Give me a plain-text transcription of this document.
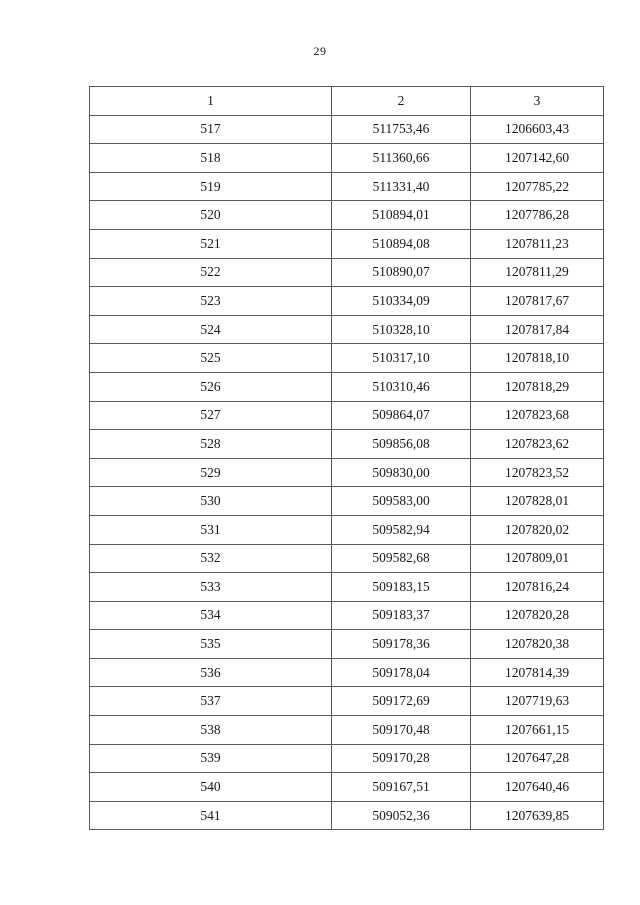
29
1	2	3
517	511753,46	1206603,43
518	511360,66	1207142,60
519	511331,40	1207785,22
520	510894,01	1207786,28
521	510894,08	1207811,23
522	510890,07	1207811,29
523	510334,09	1207817,67
524	510328,10	1207817,84
525	510317,10	1207818,10
526	510310,46	1207818,29
527	509864,07	1207823,68
528	509856,08	1207823,62
529	509830,00	1207823,52
530	509583,00	1207828,01
531	509582,94	1207820,02
532	509582,68	1207809,01
533	509183,15	1207816,24
534	509183,37	1207820,28
535	509178,36	1207820,38
536	509178,04	1207814,39
537	509172,69	1207719,63
538	509170,48	1207661,15
539	509170,28	1207647,28
540	509167,51	1207640,46
541	509052,36	1207639,85
